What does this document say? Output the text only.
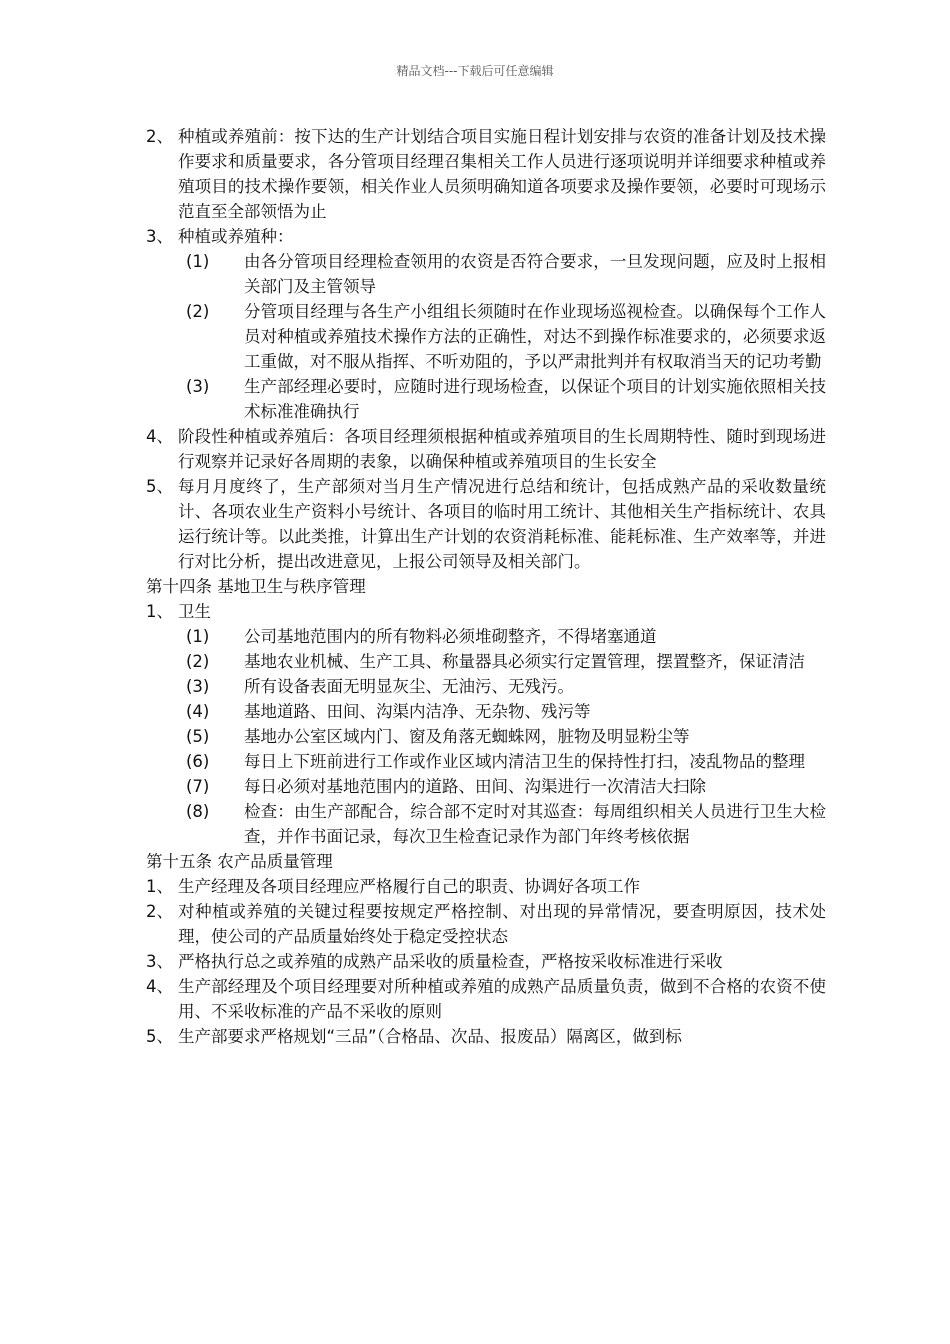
精品文档---下载后可任意编辑
2、 种植或养殖前：按下达的生产计划结合项目实施日程计划安排与农资的准备计划及技术操作要求和质量要求，各分管项目经理召集相关工作人员进行逐项说明并详细要求种植或养殖项目的技术操作要领，相关作业人员须明确知道各项要求及操作要领，必要时可现场示范直至全部领悟为止
3、 种植或养殖种：
(1)	由各分管项目经理检查领用的农资是否符合要求，一旦发现问题，应及时上报相关部门及主管领导
(2)	分管项目经理与各生产小组组长须随时在作业现场巡视检查。以确保每个工作人员对种植或养殖技术操作方法的正确性，对达不到操作标准要求的，必须要求返工重做，对不服从指挥、不听劝阻的，予以严肃批判并有权取消当天的记功考勤
(3)	生产部经理必要时，应随时进行现场检查，以保证个项目的计划实施依照相关技术标准准确执行
4、 阶段性种植或养殖后：各项目经理须根据种植或养殖项目的生长周期特性、随时到现场进行观察并记录好各周期的表象，以确保种植或养殖项目的生长安全
5、 每月月度终了，生产部须对当月生产情况进行总结和统计，包括成熟产品的采收数量统计、各项农业生产资料小号统计、各项目的临时用工统计、其他相关生产指标统计、农具运行统计等。以此类推，计算出生产计划的农资消耗标准、能耗标准、生产效率等，并进行对比分析，提出改进意见，上报公司领导及相关部门。
第十四条 基地卫生与秩序管理
1、 卫生
(1)	公司基地范围内的所有物料必须堆砌整齐，不得堵塞通道
(2)	基地农业机械、生产工具、称量器具必须实行定置管理，摆置整齐，保证清洁
(3)	所有设备表面无明显灰尘、无油污、无残污。
(4)	基地道路、田间、沟渠内洁净、无杂物、残污等
(5)	基地办公室区域内门、窗及角落无蜘蛛网，脏物及明显粉尘等
(6)	每日上下班前进行工作或作业区域内清洁卫生的保持性打扫，凌乱物品的整理
(7)	每日必须对基地范围内的道路、田间、沟渠进行一次清洁大扫除
(8)	检查：由生产部配合，综合部不定时对其巡查：每周组织相关人员进行卫生大检查，并作书面记录，每次卫生检查记录作为部门年终考核依据
第十五条 农产品质量管理
1、 生产经理及各项目经理应严格履行自己的职责、协调好各项工作
2、 对种植或养殖的关键过程要按规定严格控制、对出现的异常情况，要查明原因，技术处理，使公司的产品质量始终处于稳定受控状态
3、 严格执行总之或养殖的成熟产品采收的质量检查，严格按采收标准进行采收
4、 生产部经理及个项目经理要对所种植或养殖的成熟产品质量负责，做到不合格的农资不使用、不采收标准的产品不采收的原则
5、 生产部要求严格规划“三品”（合格品、次品、报废品）隔离区，做到标
